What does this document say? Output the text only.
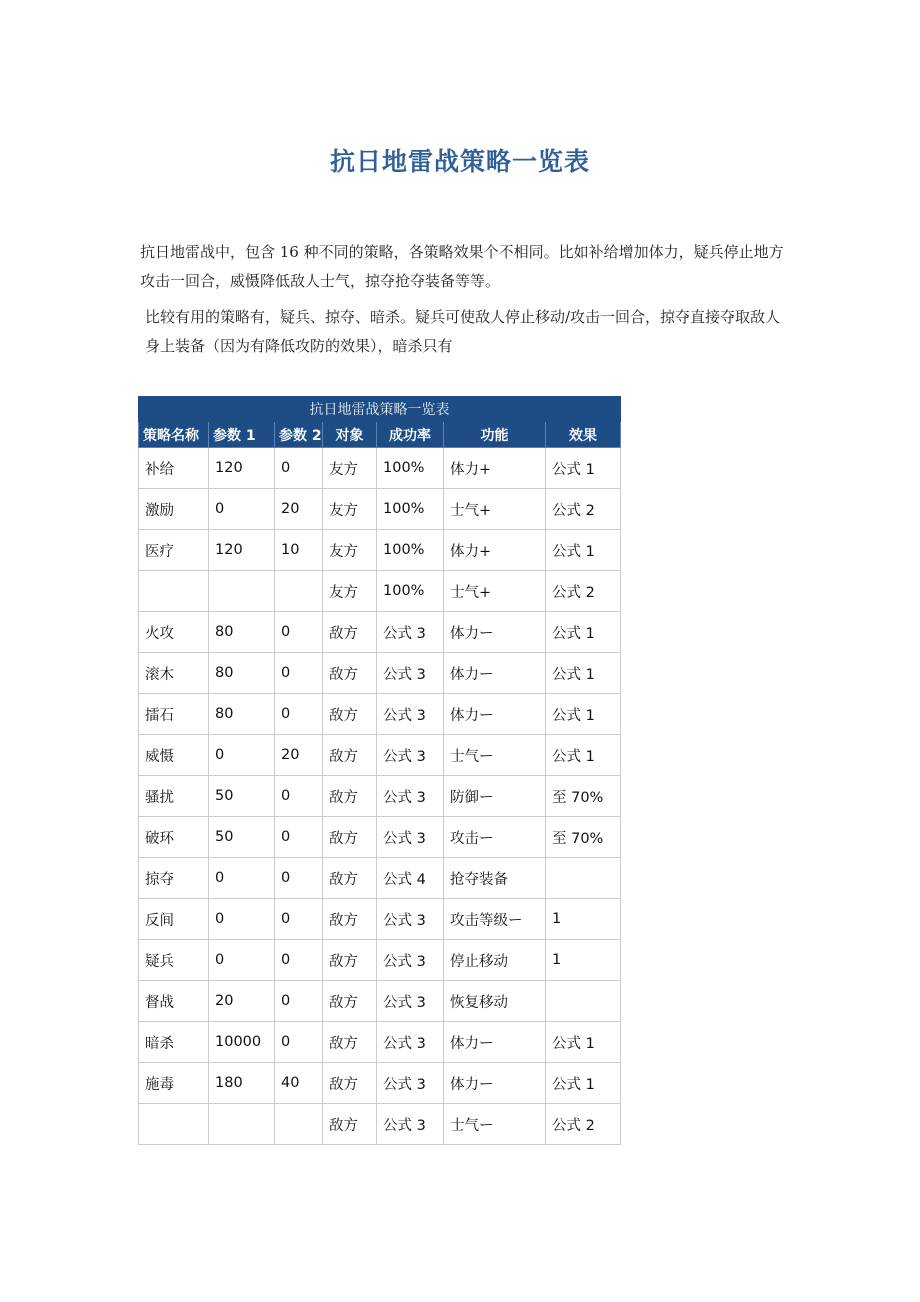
抗日地雷战策略一览表

抗日地雷战中，包含 16 种不同的策略，各策略效果个不相同。比如补给增加体力，疑兵停止地方攻击一回合，威慑降低敌人士气，掠夺抢夺装备等等。

比较有用的策略有，疑兵、掠夺、暗杀。疑兵可使敌人停止移动/攻击一回合，掠夺直接夺取敌人身上装备（因为有降低攻防的效果），暗杀只有

抗日地雷战策略一览表						
策略名称	参数 1	参数 2	对象	成功率	功能	效果
补给	120	0	友方	100%	体力+	公式 1
激励	0	20	友方	100%	士气+	公式 2
医疗	120	10	友方	100%	体力+	公式 1
			友方	100%	士气+	公式 2
火攻	80	0	敌方	公式 3	体力ー	公式 1
滚木	80	0	敌方	公式 3	体力ー	公式 1
擂石	80	0	敌方	公式 3	体力ー	公式 1
威慑	0	20	敌方	公式 3	士气ー	公式 1
骚扰	50	0	敌方	公式 3	防御ー	至 70%
破环	50	0	敌方	公式 3	攻击ー	至 70%
掠夺	0	0	敌方	公式 4	抢夺装备	
反间	0	0	敌方	公式 3	攻击等级ー	1
疑兵	0	0	敌方	公式 3	停止移动	1
督战	20	0	敌方	公式 3	恢复移动	
暗杀	10000	0	敌方	公式 3	体力ー	公式 1
施毒	180	40	敌方	公式 3	体力ー	公式 1
			敌方	公式 3	士气ー	公式 2
